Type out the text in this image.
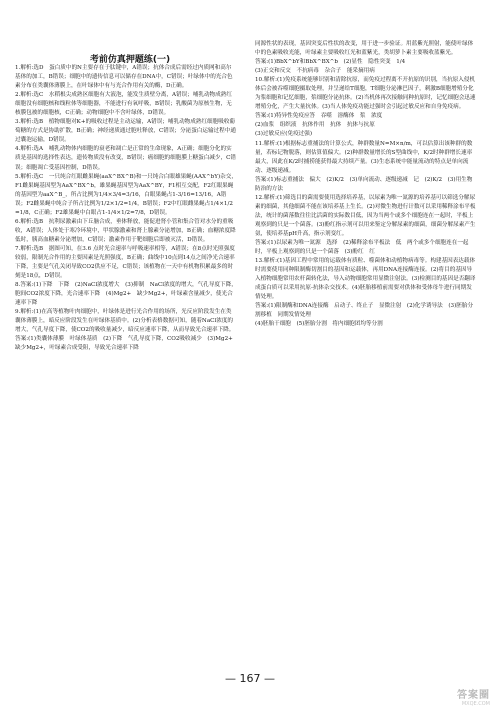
考前仿真押题练(一)

1.解析:选D　蛋白质中的N主要存在于肽键中，A错误；抗体合成后需经过内质网和高尔基体的加工，B错误；细胞中的遗传信息可以储存在DNA中，C错误；叶绿体中的光合色素分布在类囊体薄膜上，在叶绿体中有与光合作用有关的酶，D正确。

2.解析:选C　水稻根尖成熟区细胞有大液泡，能发生质壁分离，A错误；哺乳动物成熟红细胞没有细胞核和线粒体等细胞器，不能进行有氧呼吸，B错误；乳酸菌为原核生物，无核膜包被的细胞核，C正确；动物细胞中不含叶绿体，D错误。

3.解析:选B　植物细胞对K+的吸收过程是主动运输，A错误；哺乳动物成熟红细胞吸收葡萄糖的方式是协助扩散，B正确；神经递质通过胞吐释放，C错误；分泌蛋白运输过程中通过囊泡运输，D错误。

4.解析:选A　哺乳动物体内细胞的衰老和凋亡是正常的生命现象，A正确；细胞分化的实质是基因的选择性表达，遗传物质没有改变，B错误；癌细胞的细胞膜上糖蛋白减少，C错误；细胞凋亡受基因控制，D错误。

5.解析:选C　一只纯合红眼雌果蝇(aaX^BX^B)和一只纯合白眼雄果蝇(AAX^bY)杂交，F1雌果蝇基因型为AaX^BX^b，雄果蝇基因型为AaX^BY，F1相互交配，F2红眼果蝇的基因型为aaX^B_，所占比例为1/4×3/4=3/16，白眼果蝇占1-3/16=13/16，A错误；F2雌果蝇中纯合子所占比例为1/2×1/2=1/4，B错误；F2中红眼雌果蝇占1/4×1/2=1/8，C正确；F2雄果蝇中白眼占1-1/4×1/2=7/8，D错误。

6.解析:选B　抗利尿激素由下丘脑合成，垂体释放，能促进肾小管和集合管对水分的重吸收，A错误；人体处于寒冷环境中，甲状腺激素和肾上腺素分泌增加，B正确；血糖浓度降低时，胰高血糖素分泌增加，C错误；激素作用于靶细胞后即被灭活，D错误。

7.解析:选B　据图可知，在3.6 点时光合速率与呼吸速率相等，A错误；在8点时光照强度较弱，限制光合作用的主要因素是光照强度，B正确；曲线中10点到14点之间净光合速率下降，主要是气孔关闭导致CO2供应不足，C错误；该植物在一天中有机物积累最多的时刻是18点，D错误。

8.答案:(1)下降　下降　(2)NaCl浓度增大　(3)抑制　NaCl浓度的增大，气孔导度下降，胞间CO2浓度下降，光合速率下降　(4)Mg2+　缺少Mg2+，叶绿素含量减少，使光合速率下降

9.解析:(1)在高等植物叶肉细胞中，叶绿体是进行光合作用的场所，光反应阶段发生在类囊体薄膜上，暗反应阶段发生在叶绿体基质中。(2)分析表格数据可知，随着NaCl浓度的增大，气孔导度下降，使CO2的吸收量减少，暗反应速率下降，从而导致光合速率下降。

答案:(1)类囊体薄膜　叶绿体基质　(2)下降　气孔导度下降，CO2吸收减少　(3)Mg2+　缺少Mg2+，叶绿素合成受阻，导致光合速率下降

同源性状的表现，基因突变后性状的改变，用于进一步验证。用蓝紫光照射，能使叶绿体中的色素吸收光能，叶绿素主要吸收红光和蓝紫光，类胡萝卜素主要吸收蓝紫光。

答案:(1)BbX^bY和BbX^BX^b　(2)显性　隐性突变　1/4

(3)正交和反交　不抗病毒　杂合子　能采摘用病

10.解析:(1)免疫系统能够识别和清除抗原，而免疫过程离不开抗原的识别，当抗原入侵机体后会被吞噬细胞摄取处理，并呈递给T细胞，T细胞分泌淋巴因子，刺激B细胞增殖分化为浆细胞和记忆细胞，浆细胞分泌抗体。(2)当机体再次接触同种抗原时，记忆细胞会迅速增殖分化，产生大量抗体。(3)当人体免疫功能过强时会引起过敏反应和自身免疫病。

答案:(1)特异性免疫应答　吞噬　溶酶体　浆　浓度

(2)血浆　组织液　抗体作用　抗体　抗体与抗原

(3)过敏反应(免疫过强)

11.解析:(1)根据标志重捕法的计算公式，种群数量N=M×n/m，可以估算出该种群的数量，若标记物脱落，则估算值偏大。(2)种群数量增长的S型曲线中，K/2时种群增长速率最大，因此在K/2时捕捞能获得最大持续产量。(3)生态系统中能量流动的特点是单向流动、逐级递减。

答案:(1)标志重捕法　偏大　(2)K/2　(3)单向流动、逐级递减　记　(2)K/2　(3)用生物防治的方法

12.解析:(1)筛选目的菌需要使用选择培养基，以尿素为唯一氮源的培养基可以筛选分解尿素的细菌，其他细菌不能在该培养基上生长。(2)对微生物进行计数可以采用稀释涂布平板法，统计的菌落数往往比活菌的实际数目低，因为当两个或多个细胞连在一起时，平板上观察到的只是一个菌落。(3)酚红指示剂可以用来鉴定分解尿素的细菌，细菌分解尿素产生氨，使培养基pH升高，指示剂变红。

答案:(1)以尿素为唯一氮源　选择　(2)稀释涂布平板法　低　两个或多个细胞连在一起时，平板上观察到的只是一个菌落　(3)酚红　红

13.解析:(1)基因工程中常用的运载体有质粒、噬菌体和动植物病毒等。构建基因表达载体时需要使用同种限制酶切割目的基因和运载体，再用DNA连接酶连接。(2)将目的基因导入植物细胞常用农杆菌转化法，导入动物细胞常用显微注射法。(3)检测目的基因是否翻译成蛋白质可以采用抗原-抗体杂交技术。(4)胚胎移植前需要对供体和受体母牛进行同期发情处理。

答案:(1)限制酶和DNA连接酶　启动子、终止子　显微注射　(2)化学诱导法　(3)胚胎分割移植　同期发情处理

(4)胚胎干细胞　(5)胚胎分割　将内细胞团均等分割

— 167 —
答案圈
MXQE.COM
